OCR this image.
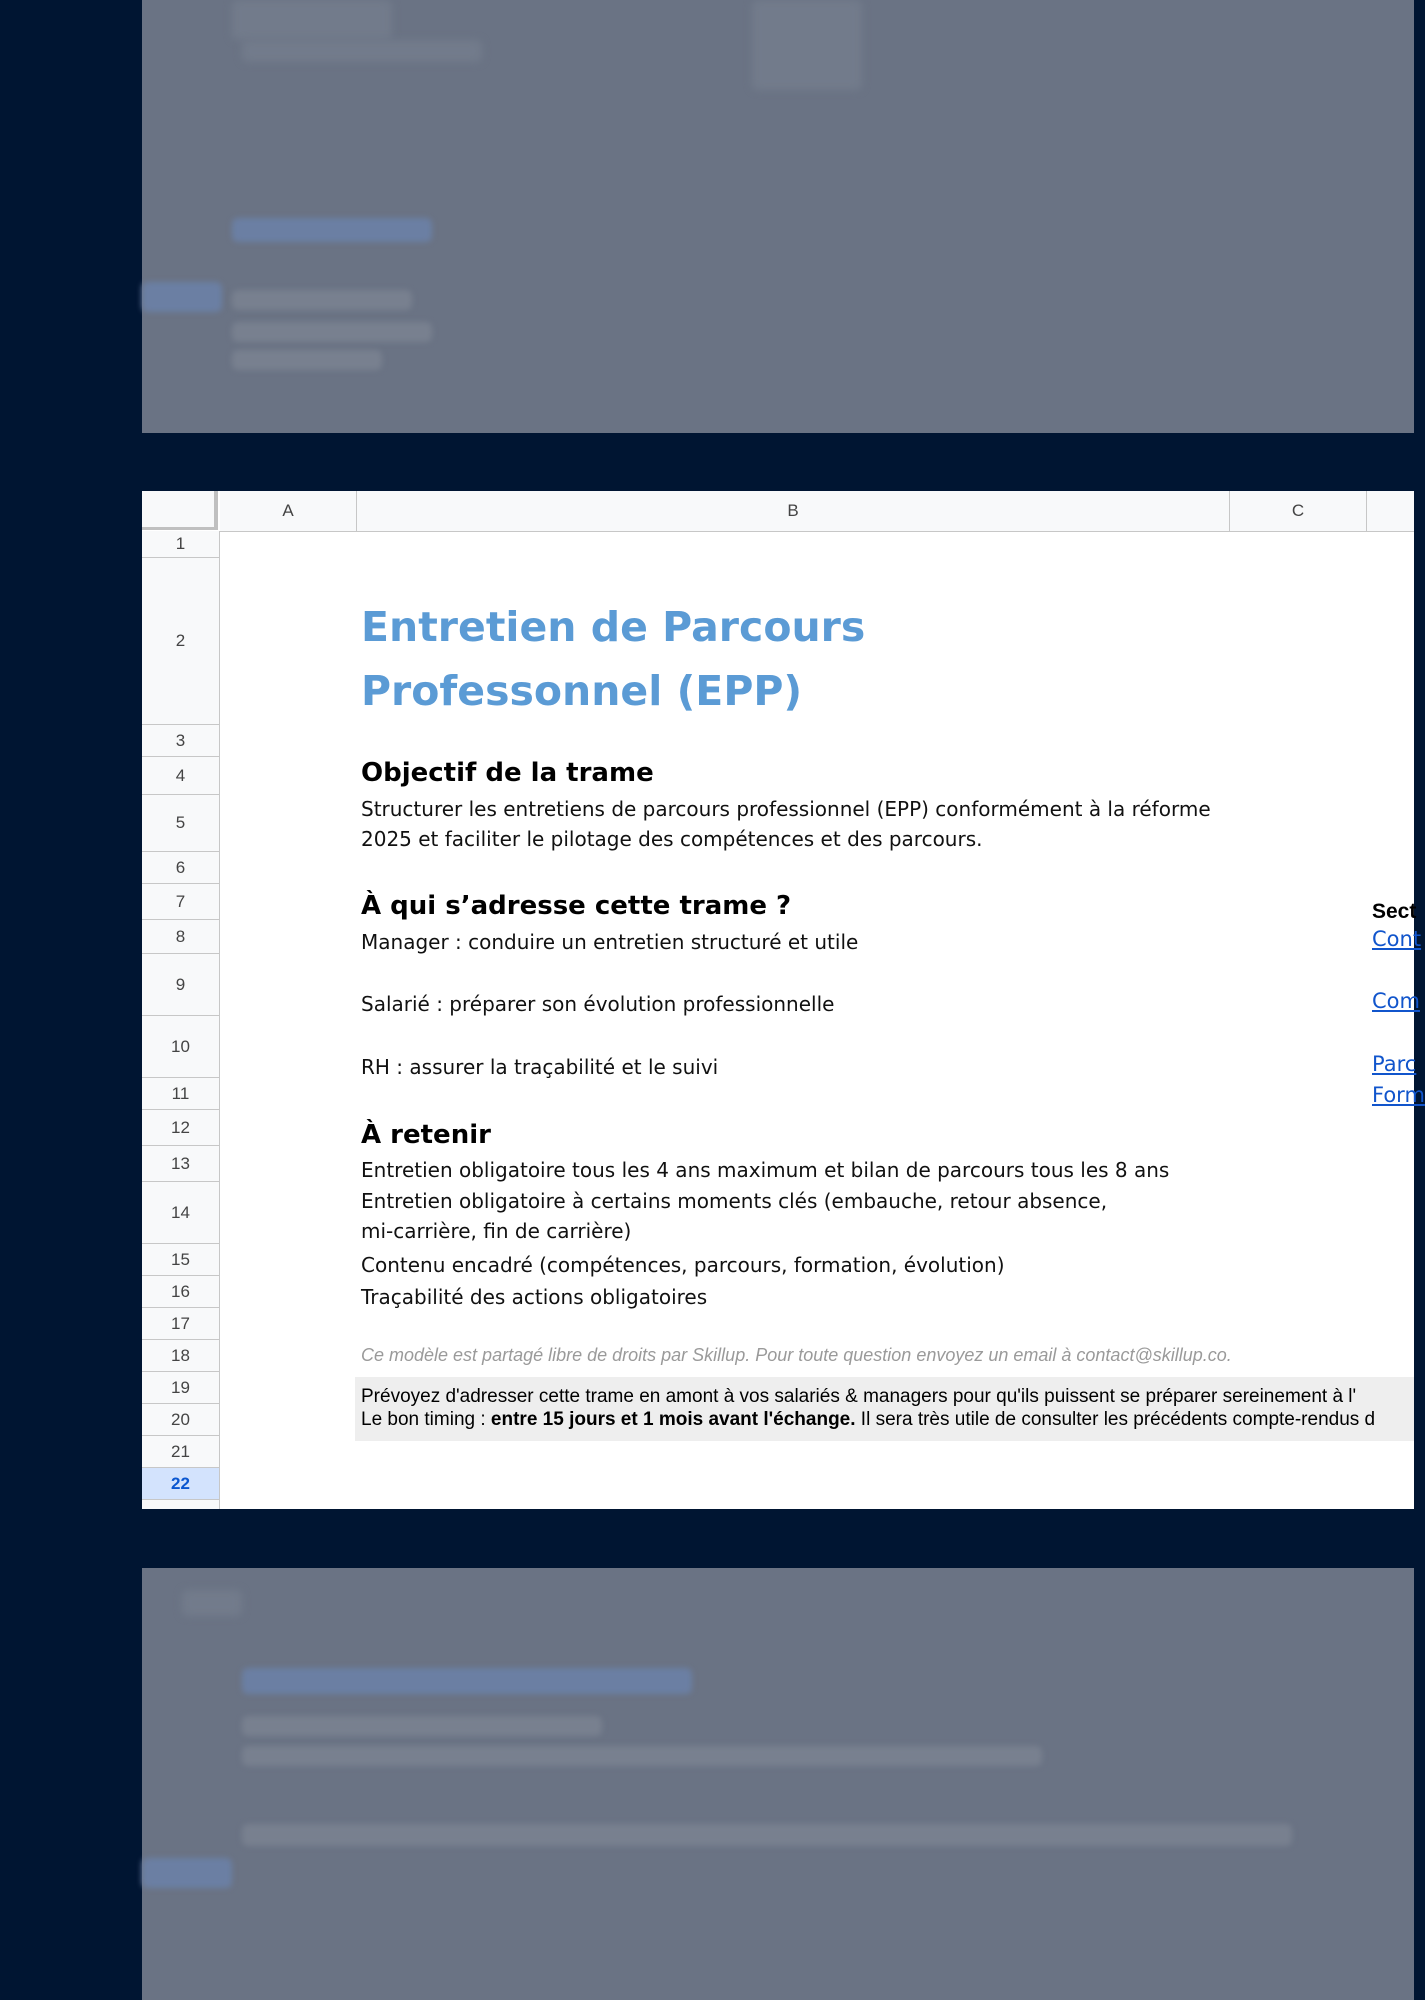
A	B	C
1
2
3
4
5
6
7
8
9
10
11
12
13
14
15
16
17
18
19
20
21
22
Entretien de Parcours Professonnel (EPP)
Objectif de la trame
Structurer les entretiens de parcours professionnel (EPP) conformément à la réforme 2025 et faciliter le pilotage des compétences et des parcours.
À qui s’adresse cette trame ?
Manager : conduire un entretien structuré et utile
Salarié : préparer son évolution professionnelle
RH : assurer la traçabilité et le suivi
À retenir
Entretien obligatoire tous les 4 ans maximum et bilan de parcours tous les 8 ans
Entretien obligatoire à certains moments clés (embauche, retour absence, mi-carrière, fin de carrière)
Contenu encadré (compétences, parcours, formation, évolution)
Traçabilité des actions obligatoires
Ce modèle est partagé libre de droits par Skillup. Pour toute question envoyez un email à contact@skillup.co.
Prévoyez d'adresser cette trame en amont à vos salariés & managers pour qu'ils puissent se préparer sereinement à l'
Le bon timing : entre 15 jours et 1 mois avant l'échange. Il sera très utile de consulter les précédents compte-rendus d
Sect
Cont
Com
Parc
Form
